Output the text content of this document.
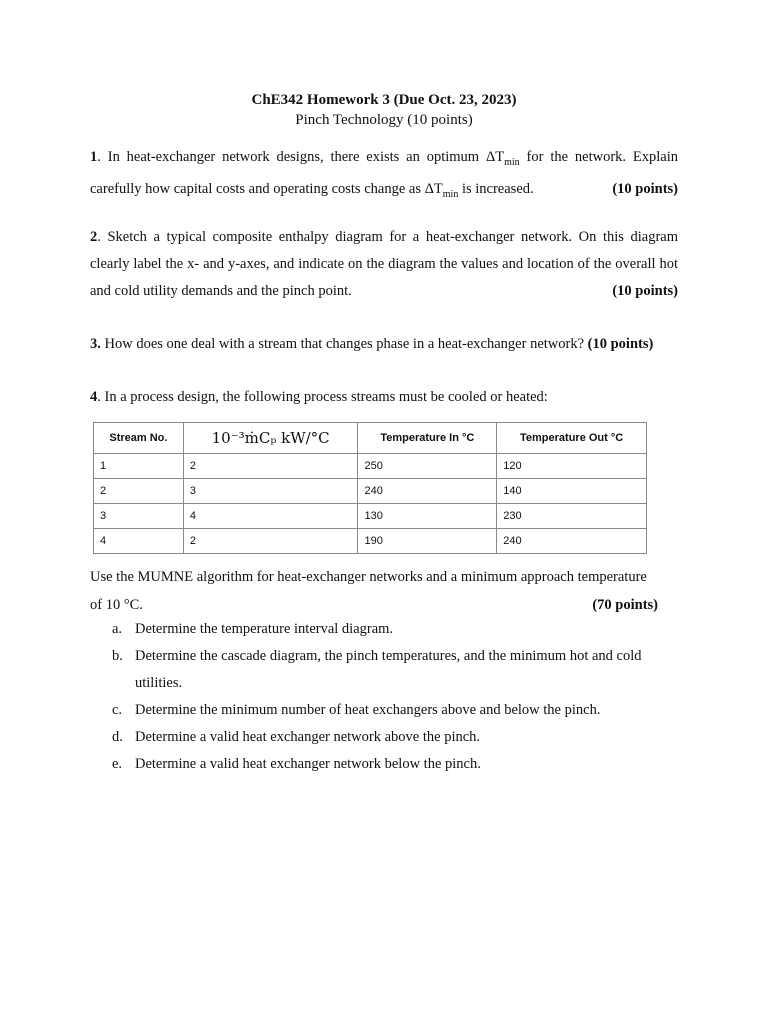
ChE342 Homework 3 (Due Oct. 23, 2023)
Pinch Technology (10 points)
1. In heat-exchanger network designs, there exists an optimum $\Delta T_{min}$ for the network. Explain carefully how capital costs and operating costs change as $\Delta T_{min}$ is increased.	(10 points)
2. Sketch a typical composite enthalpy diagram for a heat-exchanger network. On this diagram clearly label the x- and y-axes, and indicate on the diagram the values and location of the overall hot and cold utility demands and the pinch point.	(10 points)
3. How does one deal with a stream that changes phase in a heat-exchanger network? (10 points)
4. In a process design, the following process streams must be cooled or heated:
Stream No.	10⁻³ṁCₚ kW/°C	Temperature In °C	Temperature Out °C
1	2	250	120
2	3	240	140
3	4	130	230
4	2	190	240
Use the MUMNE algorithm for heat-exchanger networks and a minimum approach temperature of 10 °C.	(70 points)
a. Determine the temperature interval diagram.
b. Determine the cascade diagram, the pinch temperatures, and the minimum hot and cold utilities.
c. Determine the minimum number of heat exchangers above and below the pinch.
d. Determine a valid heat exchanger network above the pinch.
e. Determine a valid heat exchanger network below the pinch.
